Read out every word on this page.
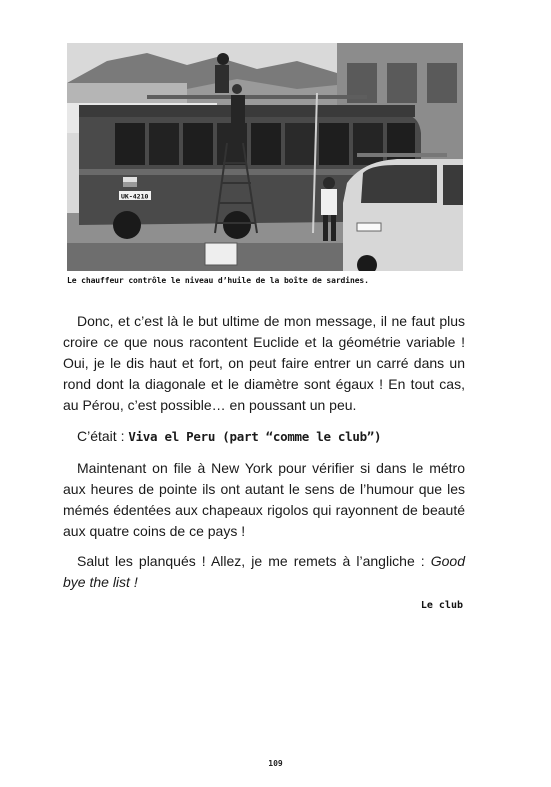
UK-4210
Le chauffeur contrôle le niveau d’huile de la boîte de sardines.

Donc, et c’est là le but ultime de mon message, il ne faut plus croire ce que nous racontent Euclide et la géométrie variable ! Oui, je le dis haut et fort, on peut faire entrer un carré dans un rond dont la diagonale et le diamètre sont égaux ! En tout cas, au Pérou, c’est possible… en poussant un peu.

C’était : Viva el Peru (part “comme le club”)

Maintenant on file à New York pour vérifier si dans le métro aux heures de pointe ils ont autant le sens de l’humour que les mémés édentées aux chapeaux rigolos qui rayonnent de beauté aux quatre coins de ce pays !

Salut les planqués ! Allez, je me remets à l’angliche : Good bye the list !

Le club
109
